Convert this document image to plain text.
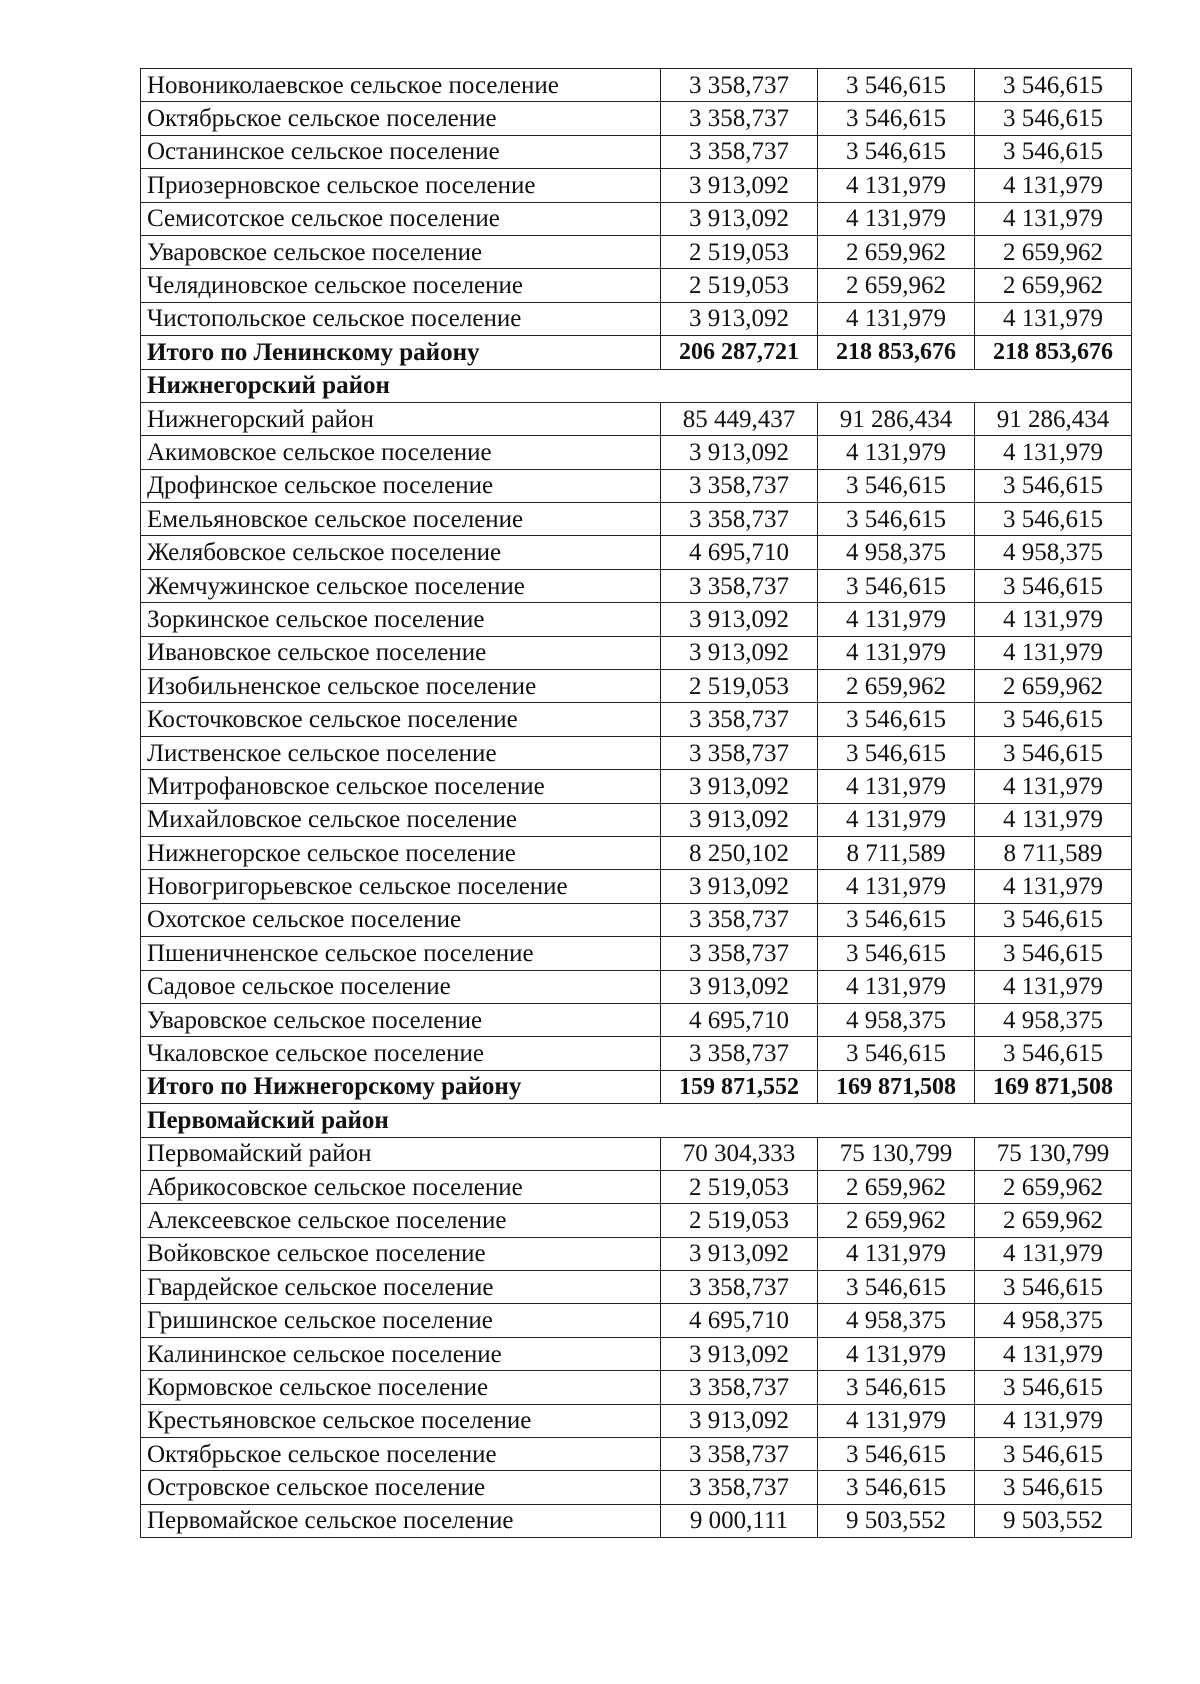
Новониколаевское сельское поселение	3 358,737	3 546,615	3 546,615
Октябрьское сельское поселение	3 358,737	3 546,615	3 546,615
Останинское сельское поселение	3 358,737	3 546,615	3 546,615
Приозерновское сельское поселение	3 913,092	4 131,979	4 131,979
Семисотское сельское поселение	3 913,092	4 131,979	4 131,979
Уваровское сельское поселение	2 519,053	2 659,962	2 659,962
Челядиновское сельское поселение	2 519,053	2 659,962	2 659,962
Чистопольское сельское поселение	3 913,092	4 131,979	4 131,979
Итого по Ленинскому району	206 287,721	218 853,676	218 853,676
Нижнегорский район			
Нижнегорский район	85 449,437	91 286,434	91 286,434
Акимовское сельское поселение	3 913,092	4 131,979	4 131,979
Дрофинское сельское поселение	3 358,737	3 546,615	3 546,615
Емельяновское сельское поселение	3 358,737	3 546,615	3 546,615
Желябовское сельское поселение	4 695,710	4 958,375	4 958,375
Жемчужинское сельское поселение	3 358,737	3 546,615	3 546,615
Зоркинское сельское поселение	3 913,092	4 131,979	4 131,979
Ивановское сельское поселение	3 913,092	4 131,979	4 131,979
Изобильненское сельское поселение	2 519,053	2 659,962	2 659,962
Косточковское сельское поселение	3 358,737	3 546,615	3 546,615
Лиственское сельское поселение	3 358,737	3 546,615	3 546,615
Митрофановское сельское поселение	3 913,092	4 131,979	4 131,979
Михайловское сельское поселение	3 913,092	4 131,979	4 131,979
Нижнегорское сельское поселение	8 250,102	8 711,589	8 711,589
Новогригорьевское сельское поселение	3 913,092	4 131,979	4 131,979
Охотское сельское поселение	3 358,737	3 546,615	3 546,615
Пшеничненское сельское поселение	3 358,737	3 546,615	3 546,615
Садовое сельское поселение	3 913,092	4 131,979	4 131,979
Уваровское сельское поселение	4 695,710	4 958,375	4 958,375
Чкаловское сельское поселение	3 358,737	3 546,615	3 546,615
Итого по Нижнегорскому району	159 871,552	169 871,508	169 871,508
Первомайский район			
Первомайский район	70 304,333	75 130,799	75 130,799
Абрикосовское сельское поселение	2 519,053	2 659,962	2 659,962
Алексеевское сельское поселение	2 519,053	2 659,962	2 659,962
Войковское сельское поселение	3 913,092	4 131,979	4 131,979
Гвардейское сельское поселение	3 358,737	3 546,615	3 546,615
Гришинское сельское поселение	4 695,710	4 958,375	4 958,375
Калининское сельское поселение	3 913,092	4 131,979	4 131,979
Кормовское сельское поселение	3 358,737	3 546,615	3 546,615
Крестьяновское сельское поселение	3 913,092	4 131,979	4 131,979
Октябрьское сельское поселение	3 358,737	3 546,615	3 546,615
Островское сельское поселение	3 358,737	3 546,615	3 546,615
Первомайское сельское поселение	9 000,111	9 503,552	9 503,552
